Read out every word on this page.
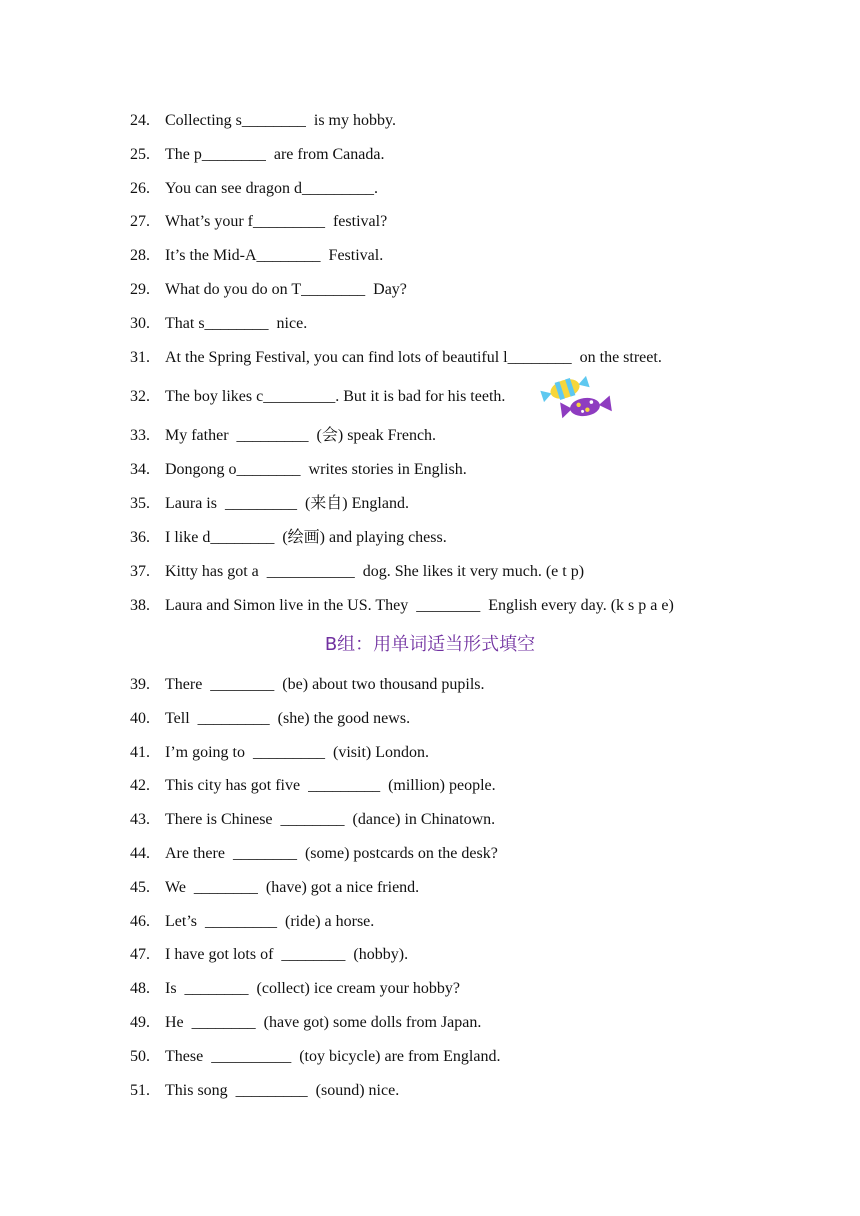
24. Collecting s________  is my hobby.
25. The p________  are from Canada.
26. You can see dragon d_________.
27. What’s your f_________  festival?
28. It’s the Mid-A________  Festival.
29. What do you do on T________  Day?
30. That s________  nice.
31. At the Spring Festival, you can find lots of beautiful l________  on the street.
32. The boy likes c_________. But it is bad for his teeth.
33. My father  _________  (会) speak French.
34. Dongong o________  writes stories in English.
35. Laura is  _________  (来自) England.
36. I like d________  (绘画) and playing chess.
37. Kitty has got a  ___________  dog. She likes it very much. (e t p)
38. Laura and Simon live in the US. They  ________  English every day. (k s p a e)
B组：用单词适当形式填空
39. There  ________  (be) about two thousand pupils.
40. Tell  _________  (she) the good news.
41. I’m going to  _________  (visit) London.
42. This city has got five  _________  (million) people.
43. There is Chinese  ________  (dance) in Chinatown.
44. Are there  ________  (some) postcards on the desk?
45. We  ________  (have) got a nice friend.
46. Let’s  _________  (ride) a horse.
47. I have got lots of  ________  (hobby).
48. Is  ________  (collect) ice cream your hobby?
49. He  ________  (have got) some dolls from Japan.
50. These  __________  (toy bicycle) are from England.
51. This song  _________  (sound) nice.
